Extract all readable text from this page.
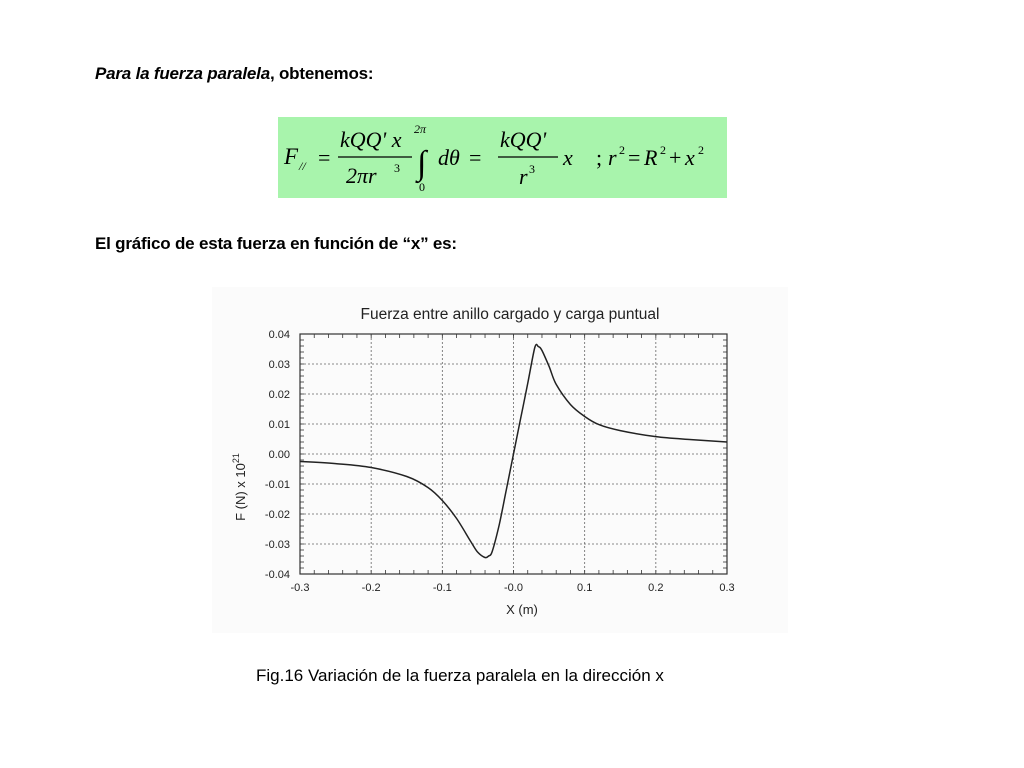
Para la fuerza paralela, obtenemos:
F // =
kQQ' x
2πr 3
2π
∫
0
dθ =
kQQ'
r 3 x ; r 2 = R 2 + x 2
El gráfico de esta fuerza en función de “x” es:
Fuerza entre anillo cargado y carga puntual
X (m)
F (N) x $10^{21}$
-0.3	-0.2	-0.1	-0.0	0.1	0.2	0.3
0.04
0.03
0.02
0.01
0.00
-0.01
-0.02
-0.03
-0.04
Fig.16 Variación de la fuerza paralela en la dirección x
